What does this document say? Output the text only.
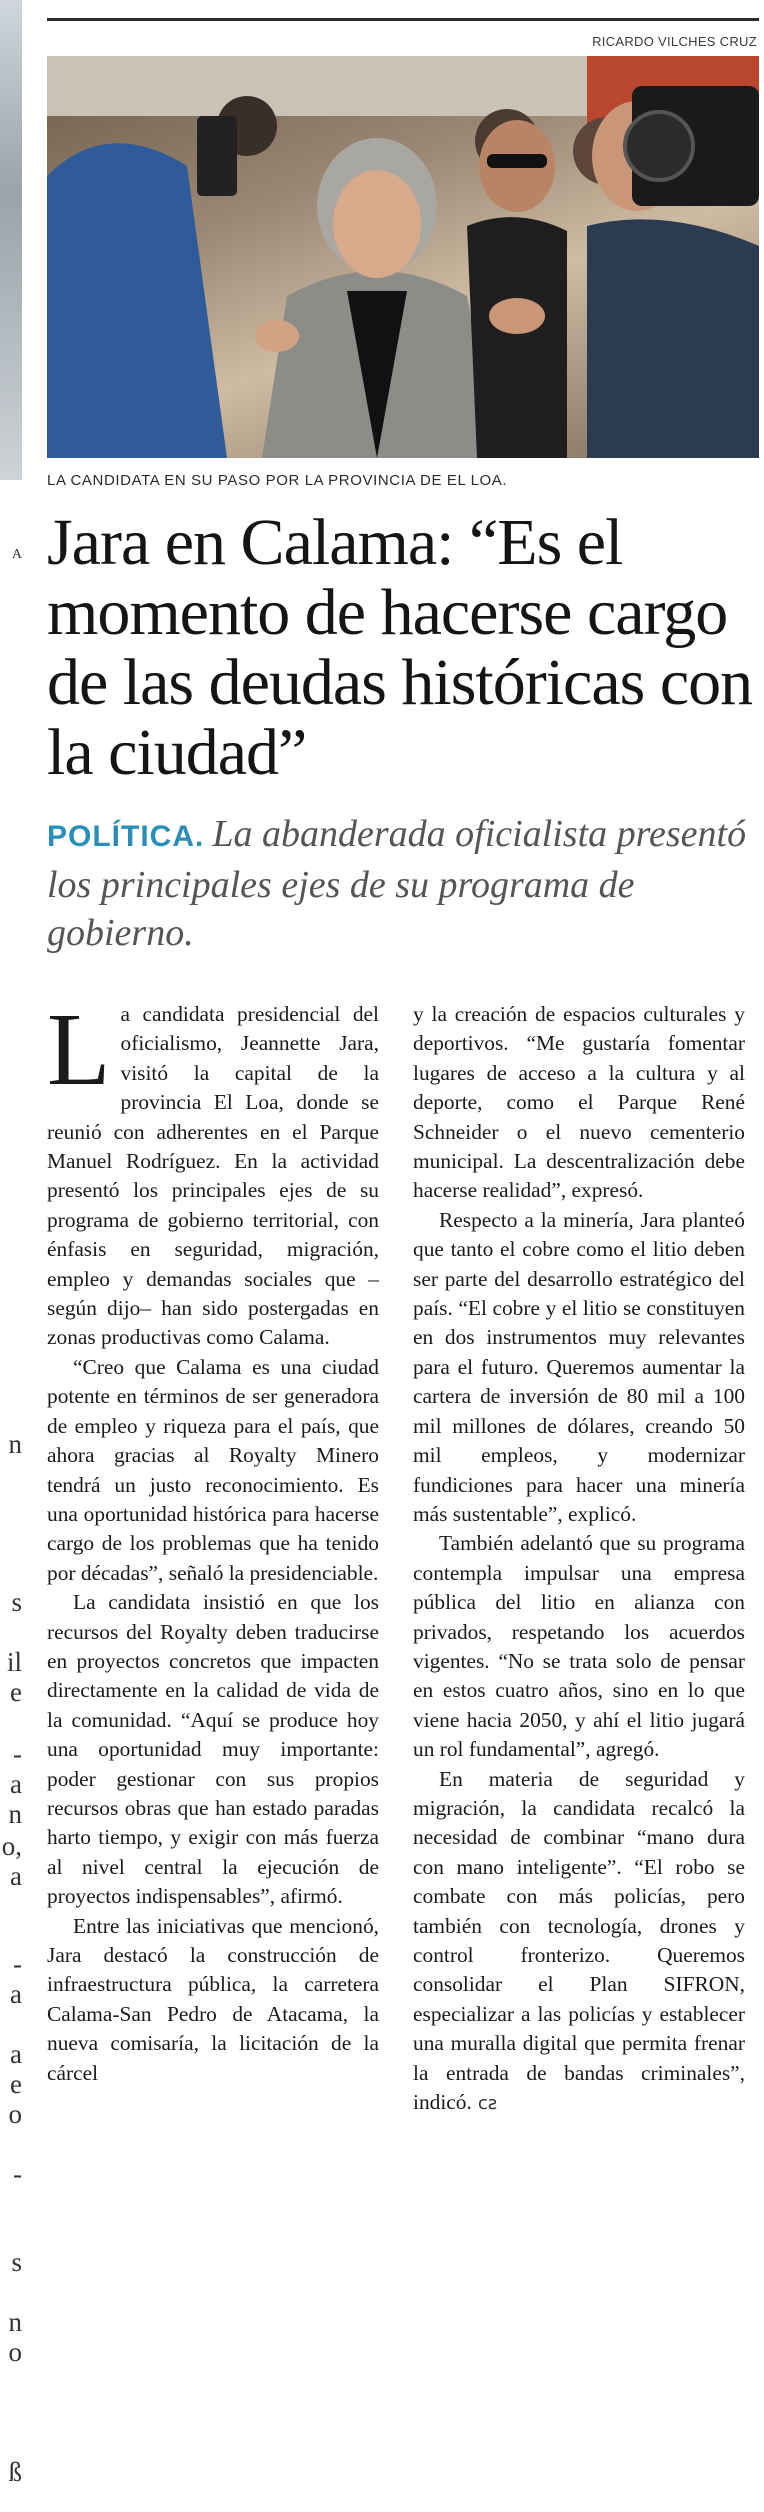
A
n
s
il
e
-
a
n
o,
a
-
a
a
e
o
-
s
n
o
ß
RICARDO VILCHES CRUZ
LA CANDIDATA EN SU PASO POR LA PROVINCIA DE EL LOA.
Jara en Calama: “Es el momento de hacerse cargo de las deudas históricas con la ciudad”
POLÍTICA. La abanderada oficialista presentó los principales ejes de su programa de gobierno.

La candidata presidencial del oficialismo, Jeannette Jara, visitó la capital de la provincia El Loa, donde se reunió con adherentes en el Parque Manuel Rodríguez. En la actividad presentó los principales ejes de su programa de gobierno territorial, con énfasis en seguridad, migración, empleo y demandas sociales que –según dijo– han sido postergadas en zonas productivas como Calama.

“Creo que Calama es una ciudad potente en términos de ser generadora de empleo y riqueza para el país, que ahora gracias al Royalty Minero tendrá un justo reconocimiento. Es una oportunidad histórica para hacerse cargo de los problemas que ha tenido por décadas”, señaló la presidenciable.

La candidata insistió en que los recursos del Royalty deben traducirse en proyectos concretos que impacten directamente en la calidad de vida de la comunidad. “Aquí se produce hoy una oportunidad muy importante: poder gestionar con sus propios recursos obras que han estado paradas harto tiempo, y exigir con más fuerza al nivel central la ejecución de proyectos indispensables”, afirmó.

Entre las iniciativas que mencionó, Jara destacó la construcción de infraestructura pública, la carretera Calama-San Pedro de Atacama, la nueva comisaría, la licitación de la cárcel

y la creación de espacios culturales y deportivos. “Me gustaría fomentar lugares de acceso a la cultura y al deporte, como el Parque René Schneider o el nuevo cementerio municipal. La descentralización debe hacerse realidad”, expresó.

Respecto a la minería, Jara planteó que tanto el cobre como el litio deben ser parte del desarrollo estratégico del país. “El cobre y el litio se constituyen en dos instrumentos muy relevantes para el futuro. Queremos aumentar la cartera de inversión de 80 mil a 100 mil millones de dólares, creando 50 mil empleos, y modernizar fundiciones para hacer una minería más sustentable”, explicó.

También adelantó que su programa contempla impulsar una empresa pública del litio en alianza con privados, respetando los acuerdos vigentes. “No se trata solo de pensar en estos cuatro años, sino en lo que viene hacia 2050, y ahí el litio jugará un rol fundamental”, agregó.

En materia de seguridad y migración, la candidata recalcó la necesidad de combinar “mano dura con mano inteligente”. “El robo se combate con más policías, pero también con tecnología, drones y control fronterizo. Queremos consolidar el Plan SIFRON, especializar a las policías y establecer una muralla digital que permita frenar la entrada de bandas criminales”, indicó. ᴄƨ
